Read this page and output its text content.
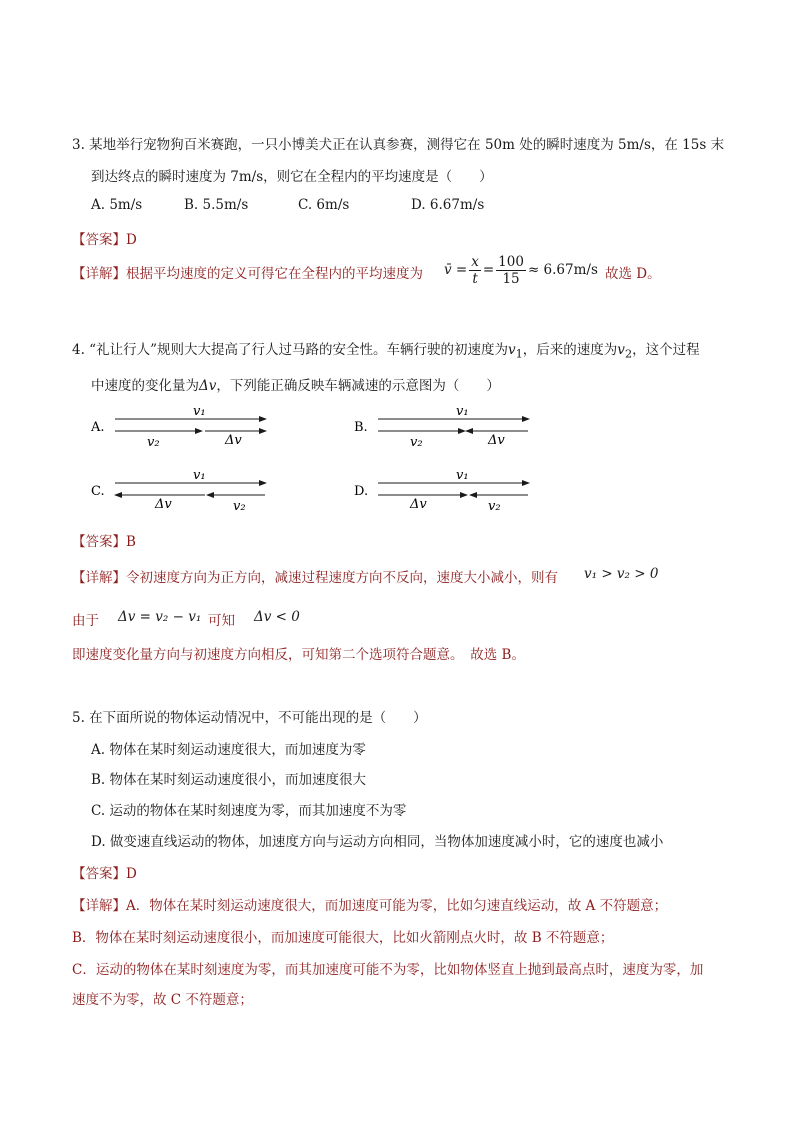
3. 某地举行宠物狗百米赛跑，一只小博美犬正在认真参赛，测得它在 50m 处的瞬时速度为 5m/s，在 15s 末
到达终点的瞬时速度为 7m/s，则它在全程内的平均速度是（　　）
A. 5m/s	B. 5.5m/s	C. 6m/s	D. 6.67m/s
【答案】D
【详解】根据平均速度的定义可得它在全程内的平均速度为 v̄ = $\frac{x}{t} = \frac{100}{15} \approx 6.67m/s$ 故选 D。
4. “礼让行人”规则大大提高了行人过马路的安全性。车辆行驶的初速度为$v_1$，后来的速度为$v_2$，这个过程
中速度的变化量为Δv，下列能正确反映车辆减速的示意图为（　　）
A.
v₁
v₂	Δv
B.
v₁
v₂	Δv
C.
v₁
Δv	v₂
D.
v₁
Δv	v₂
【答案】B
【详解】令初速度方向为正方向，减速过程速度方向不反向，速度大小减小，则有 v₁ > v₂ > 0
由于 Δv = v₂ − v₁ 可知 Δv < 0
即速度变化量方向与初速度方向相反，可知第二个选项符合题意。　故选 B。
5. 在下面所说的物体运动情况中，不可能出现的是（　　）
A. 物体在某时刻运动速度很大，而加速度为零
B. 物体在某时刻运动速度很小，而加速度很大
C. 运动的物体在某时刻速度为零，而其加速度不为零
D. 做变速直线运动的物体，加速度方向与运动方向相同，当物体加速度减小时，它的速度也减小
【答案】D
【详解】A．物体在某时刻运动速度很大，而加速度可能为零，比如匀速直线运动，故 A 不符题意；
B．物体在某时刻运动速度很小，而加速度可能很大，比如火箭刚点火时，故 B 不符题意；
C．运动的物体在某时刻速度为零，而其加速度可能不为零，比如物体竖直上抛到最高点时，速度为零，加
速度不为零，故 C 不符题意；
